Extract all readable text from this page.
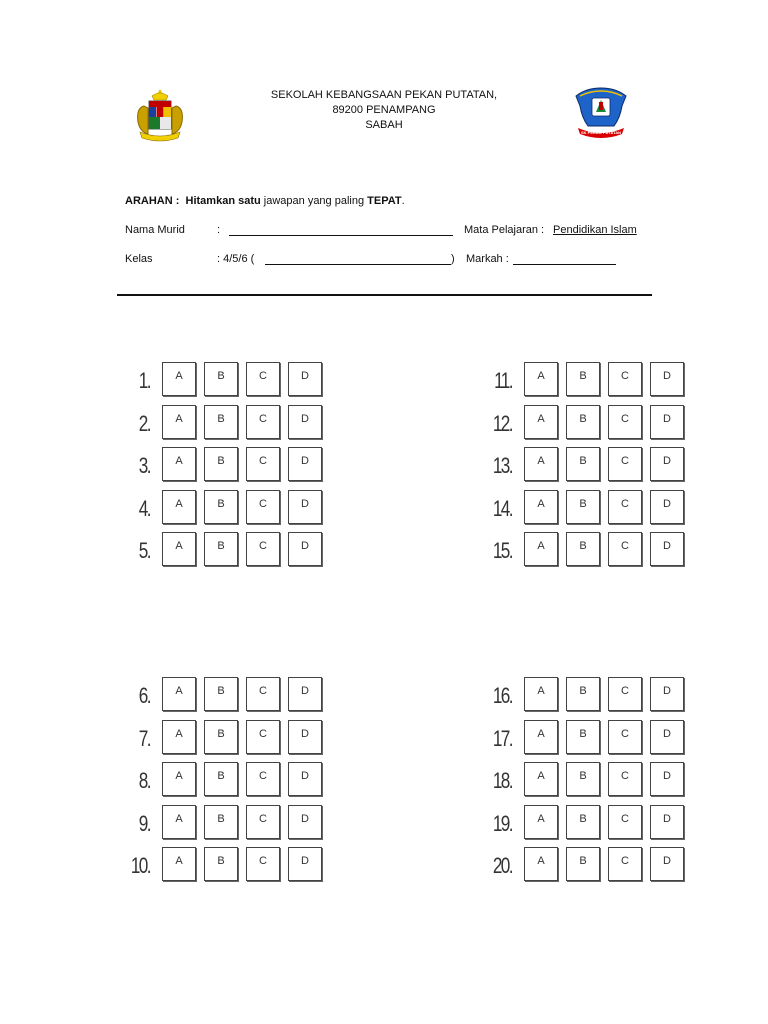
SK PEKAN PUTATAN
SEKOLAH KEBANGSAAN PEKAN PUTATAN,
89200 PENAMPANG
SABAH
ARAHAN : Hitamkan satu jawapan yang paling TEPAT.
Nama Murid	:	Mata Pelajaran : Pendidikan Islam
Kelas	: 4/5/6 (	) Markah :
1.	A	B	C	D
2.	A	B	C	D
3.	A	B	C	D
4.	A	B	C	D
5.	A	B	C	D
11.	A	B	C	D
12.	A	B	C	D
13.	A	B	C	D
14.	A	B	C	D
15.	A	B	C	D
6.	A	B	C	D
7.	A	B	C	D
8.	A	B	C	D
9.	A	B	C	D
10.	A	B	C	D
16.	A	B	C	D
17.	A	B	C	D
18.	A	B	C	D
19.	A	B	C	D
20.	A	B	C	D
